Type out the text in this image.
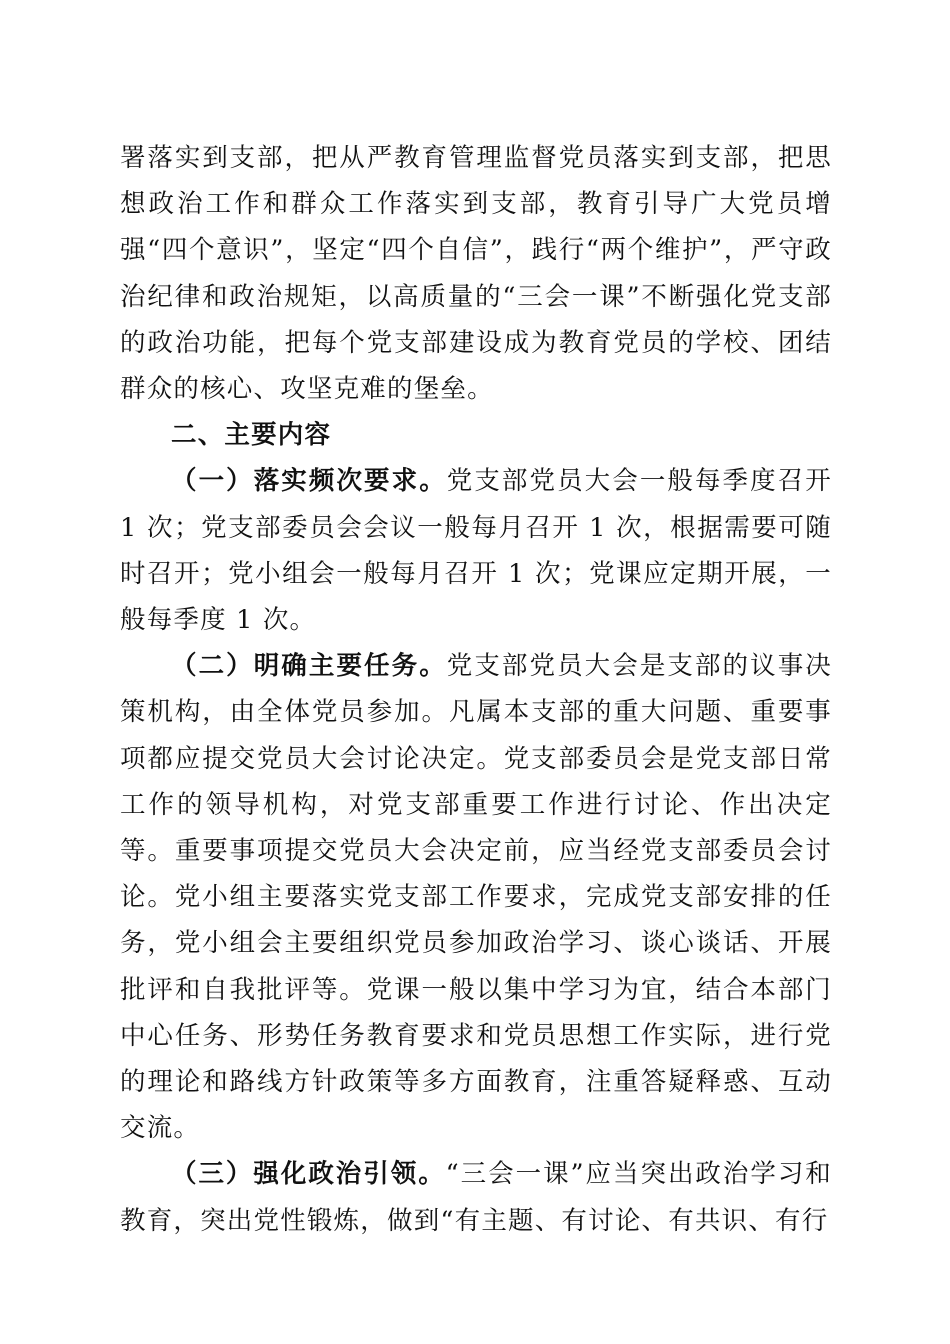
署落实到支部，把从严教育管理监督党员落实到支部，把思想政治工作和群众工作落实到支部，教育引导广大党员增强“四个意识”，坚定“四个自信”，践行“两个维护”，严守政治纪律和政治规矩，以高质量的“三会一课”不断强化党支部的政治功能，把每个党支部建设成为教育党员的学校、团结群众的核心、攻坚克难的堡垒。

二、主要内容

（一）落实频次要求。党支部党员大会一般每季度召开 1 次；党支部委员会会议一般每月召开 1 次，根据需要可随时召开；党小组会一般每月召开 1 次；党课应定期开展，一般每季度 1 次。

（二）明确主要任务。党支部党员大会是支部的议事决策机构，由全体党员参加。凡属本支部的重大问题、重要事项都应提交党员大会讨论决定。党支部委员会是党支部日常工作的领导机构，对党支部重要工作进行讨论、作出决定等。重要事项提交党员大会决定前，应当经党支部委员会讨论。党小组主要落实党支部工作要求，完成党支部安排的任务，党小组会主要组织党员参加政治学习、谈心谈话、开展批评和自我批评等。党课一般以集中学习为宜，结合本部门中心任务、形势任务教育要求和党员思想工作实际，进行党的理论和路线方针政策等多方面教育，注重答疑释惑、互动交流。

（三）强化政治引领。“三会一课”应当突出政治学习和教育，突出党性锻炼，做到“有主题、有讨论、有共识、有行
